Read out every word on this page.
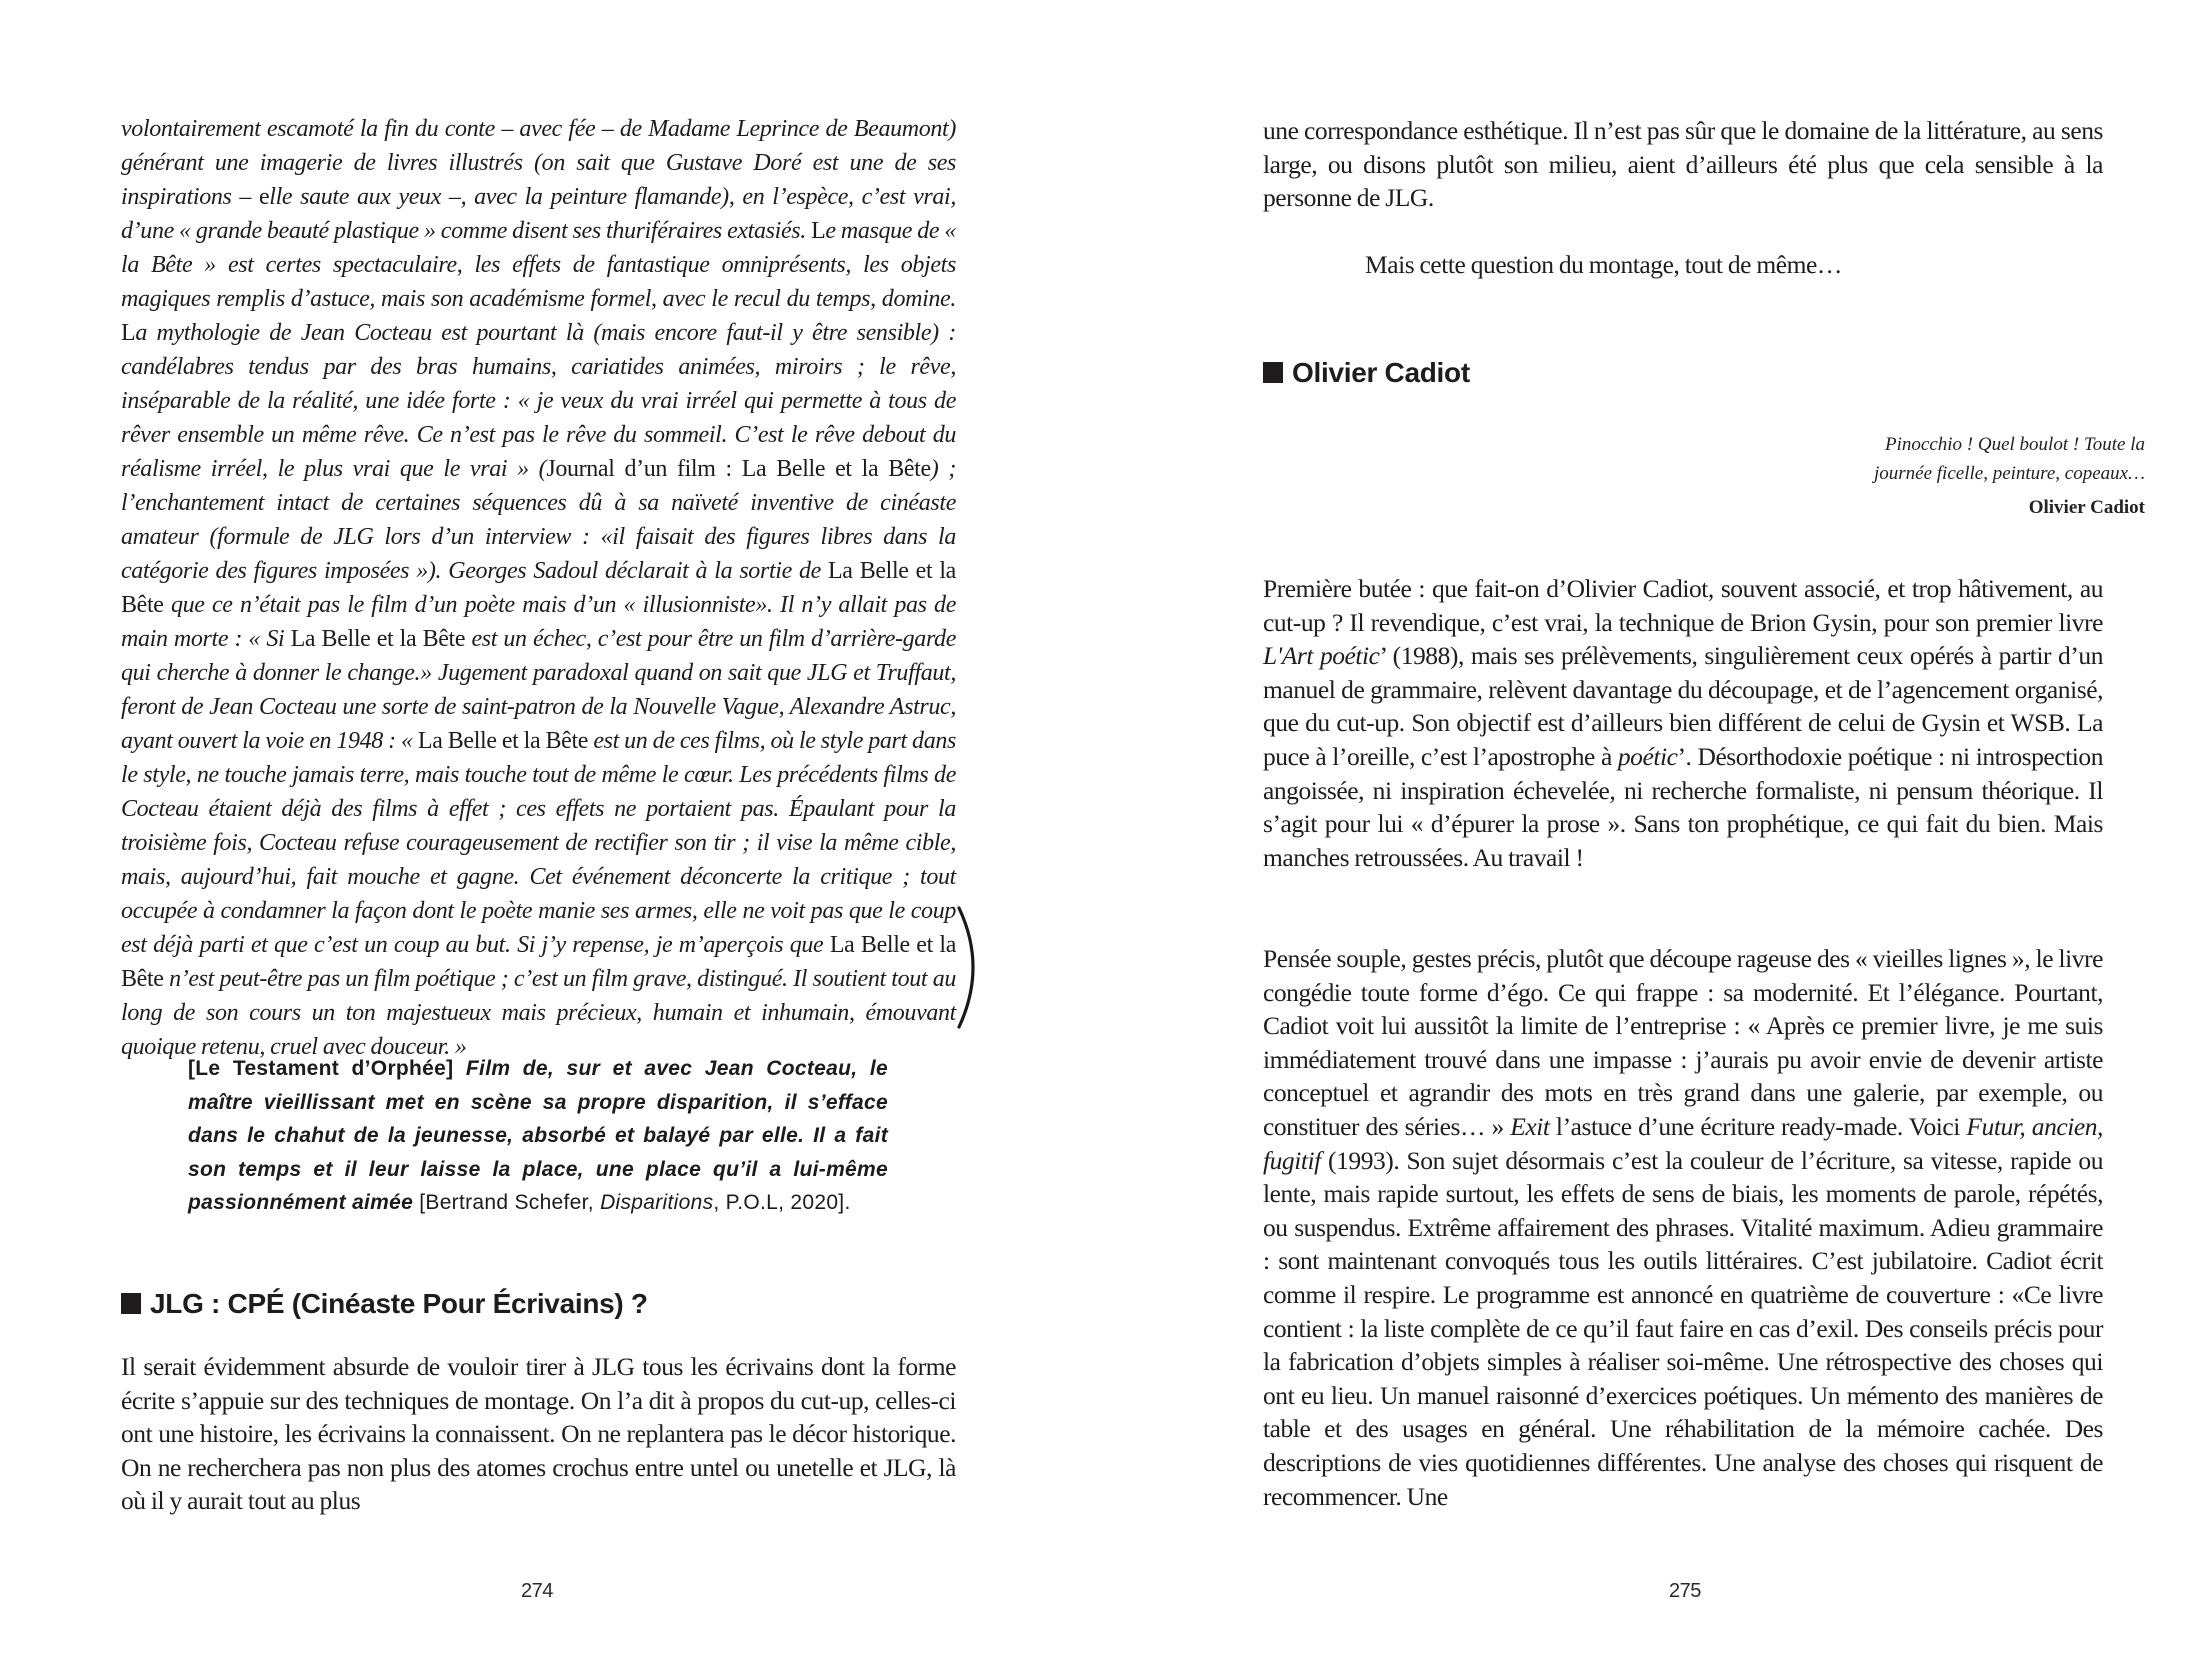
volontairement escamoté la fin du conte – avec fée – de Madame Leprince de Beaumont) générant une imagerie de livres illustrés (on sait que Gustave Doré est une de ses inspirations – elle saute aux yeux –, avec la peinture flamande), en l’espèce, c’est vrai, d’une « grande beauté plastique » comme disent ses thuriféraires extasiés. Le masque de « la Bête » est certes spectaculaire, les effets de fantastique omniprésents, les objets magiques remplis d’astuce, mais son académisme formel, avec le recul du temps, domine. La mythologie de Jean Cocteau est pourtant là (mais encore faut-il y être sensible) : candélabres tendus par des bras humains, cariatides animées, miroirs ; le rêve, inséparable de la réalité, une idée forte : « je veux du vrai irréel qui permette à tous de rêver ensemble un même rêve. Ce n’est pas le rêve du sommeil. C’est le rêve debout du réalisme irréel, le plus vrai que le vrai » (Journal d’un film : La Belle et la Bête) ; l’enchantement intact de certaines séquences dû à sa naïveté inventive de cinéaste amateur (formule de JLG lors d’un interview : «il faisait des figures libres dans la catégorie des figures imposées »). Georges Sadoul déclarait à la sortie de La Belle et la Bête que ce n’était pas le film d’un poète mais d’un « illusionniste». Il n’y allait pas de main morte : « Si La Belle et la Bête est un échec, c’est pour être un film d’arrière-garde qui cherche à donner le change.» Jugement paradoxal quand on sait que JLG et Truffaut, feront de Jean Cocteau une sorte de saint-patron de la Nouvelle Vague, Alexandre Astruc, ayant ouvert la voie en 1948 : « La Belle et la Bête est un de ces films, où le style part dans le style, ne touche jamais terre, mais touche tout de même le cœur. Les précédents films de Cocteau étaient déjà des films à effet ; ces effets ne portaient pas. Épaulant pour la troisième fois, Cocteau refuse courageusement de rectifier son tir ; il vise la même cible, mais, aujourd’hui, fait mouche et gagne. Cet événement déconcerte la critique ; tout occupée à condamner la façon dont le poète manie ses armes, elle ne voit pas que le coup est déjà parti et que c’est un coup au but. Si j’y repense, je m’aperçois que La Belle et la Bête n’est peut-être pas un film poétique ; c’est un film grave, distingué. Il soutient tout au long de son cours un ton majestueux mais précieux, humain et inhumain, émouvant quoique retenu, cruel avec douceur. »
[Le Testament d’Orphée] Film de, sur et avec Jean Cocteau, le maître vieillissant met en scène sa propre disparition, il s’efface dans le chahut de la jeunesse, absorbé et balayé par elle. Il a fait son temps et il leur laisse la place, une place qu’il a lui-même passionnément aimée [Bertrand Schefer, Disparitions, P.O.L, 2020].
JLG : CPÉ (Cinéaste Pour Écrivains) ?
Il serait évidemment absurde de vouloir tirer à JLG tous les écrivains dont la forme écrite s’appuie sur des techniques de montage. On l’a dit à propos du cut-up, celles-ci ont une histoire, les écrivains la connaissent. On ne replantera pas le décor historique. On ne recherchera pas non plus des atomes crochus entre untel ou unetelle et JLG, là où il y aurait tout au plus
274
une correspondance esthétique. Il n’est pas sûr que le domaine de la littérature, au sens large, ou disons plutôt son milieu, aient d’ailleurs été plus que cela sensible à la personne de JLG.
Mais cette question du montage, tout de même…
Olivier Cadiot
Pinocchio ! Quel boulot ! Toute la
journée ficelle, peinture, copeaux…
Olivier Cadiot
Première butée : que fait-on d’Olivier Cadiot, souvent associé, et trop hâtivement, au cut-up ? Il revendique, c’est vrai, la technique de Brion Gysin, pour son premier livre L'Art poétic’ (1988), mais ses prélèvements, singulièrement ceux opérés à partir d’un manuel de grammaire, relèvent davantage du découpage, et de l’agencement organisé, que du cut-up. Son objectif est d’ailleurs bien différent de celui de Gysin et WSB. La puce à l’oreille, c’est l’apostrophe à poétic’. Désorthodoxie poétique : ni introspection angoissée, ni inspiration échevelée, ni recherche formaliste, ni pensum théorique. Il s’agit pour lui « d’épurer la prose ». Sans ton prophétique, ce qui fait du bien. Mais manches retroussées. Au travail !
Pensée souple, gestes précis, plutôt que découpe rageuse des « vieilles lignes », le livre congédie toute forme d’égo. Ce qui frappe : sa modernité. Et l’élégance. Pourtant, Cadiot voit lui aussitôt la limite de l’entreprise : « Après ce premier livre, je me suis immédiatement trouvé dans une impasse : j’aurais pu avoir envie de devenir artiste conceptuel et agrandir des mots en très grand dans une galerie, par exemple, ou constituer des séries… » Exit l’astuce d’une écriture ready-made. Voici Futur, ancien, fugitif (1993). Son sujet désormais c’est la couleur de l’écriture, sa vitesse, rapide ou lente, mais rapide surtout, les effets de sens de biais, les moments de parole, répétés, ou suspendus. Extrême affairement des phrases. Vitalité maximum. Adieu grammaire : sont maintenant convoqués tous les outils littéraires. C’est jubilatoire. Cadiot écrit comme il respire. Le programme est annoncé en quatrième de couverture : «Ce livre contient : la liste complète de ce qu’il faut faire en cas d’exil. Des conseils précis pour la fabrication d’objets simples à réaliser soi-même. Une rétrospective des choses qui ont eu lieu. Un manuel raisonné d’exercices poétiques. Un mémento des manières de table et des usages en général. Une réhabilitation de la mémoire cachée. Des descriptions de vies quotidiennes différentes. Une analyse des choses qui risquent de recommencer. Une
275
